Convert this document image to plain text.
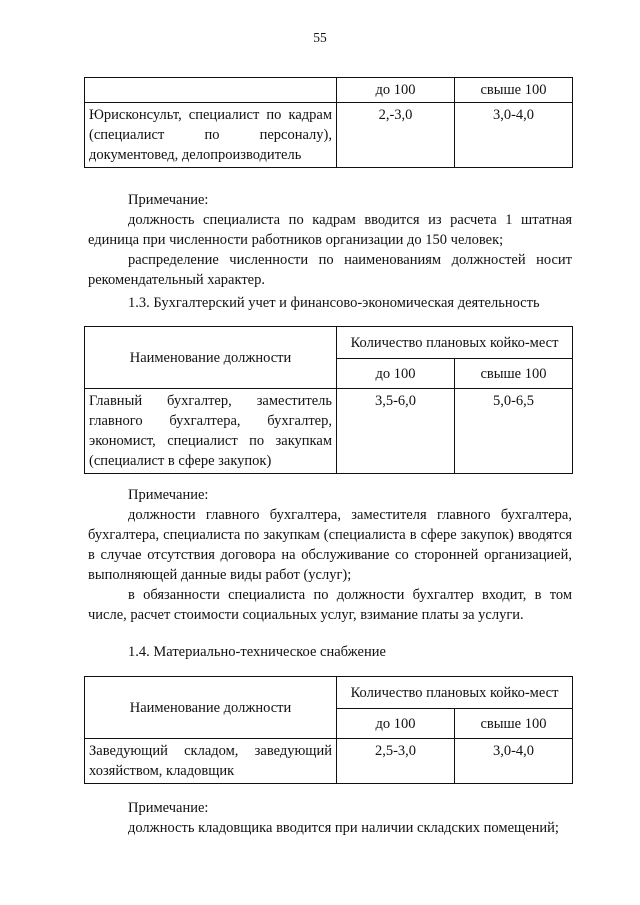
55
	до 100	свыше 100
Юрисконсульт, специалист по кадрам (специалист по персоналу), документовед, делопроизводитель	2,-3,0	3,0-4,0

Примечание:

должность специалиста по кадрам вводится из расчета 1 штатная единица при численности работников организации до 150 человек;

распределение численности по наименованиям должностей носит рекомендательный характер.

1.3. Бухгалтерский учет и финансово-экономическая деятельность
Наименование должности	Количество плановых койко-мест	
	до 100	свыше 100
Главный бухгалтер, заместитель главного бухгалтера, бухгалтер, экономист, специалист по закупкам (специалист в сфере закупок)	3,5-6,0	5,0-6,5

Примечание:

должности главного бухгалтера, заместителя главного бухгалтера, бухгалтера, специалиста по закупкам (специалиста в сфере закупок) вводятся в случае отсутствия договора на обслуживание со сторонней организацией, выполняющей данные виды работ (услуг);

в обязанности специалиста по должности бухгалтер входит, в том числе, расчет стоимости социальных услуг, взимание платы за услуги.

1.4. Материально-техническое снабжение
Наименование должности	Количество плановых койко-мест	
	до 100	свыше 100
Заведующий складом, заведующий хозяйством, кладовщик	2,5-3,0	3,0-4,0

Примечание:

должность кладовщика вводится при наличии складских помещений;
